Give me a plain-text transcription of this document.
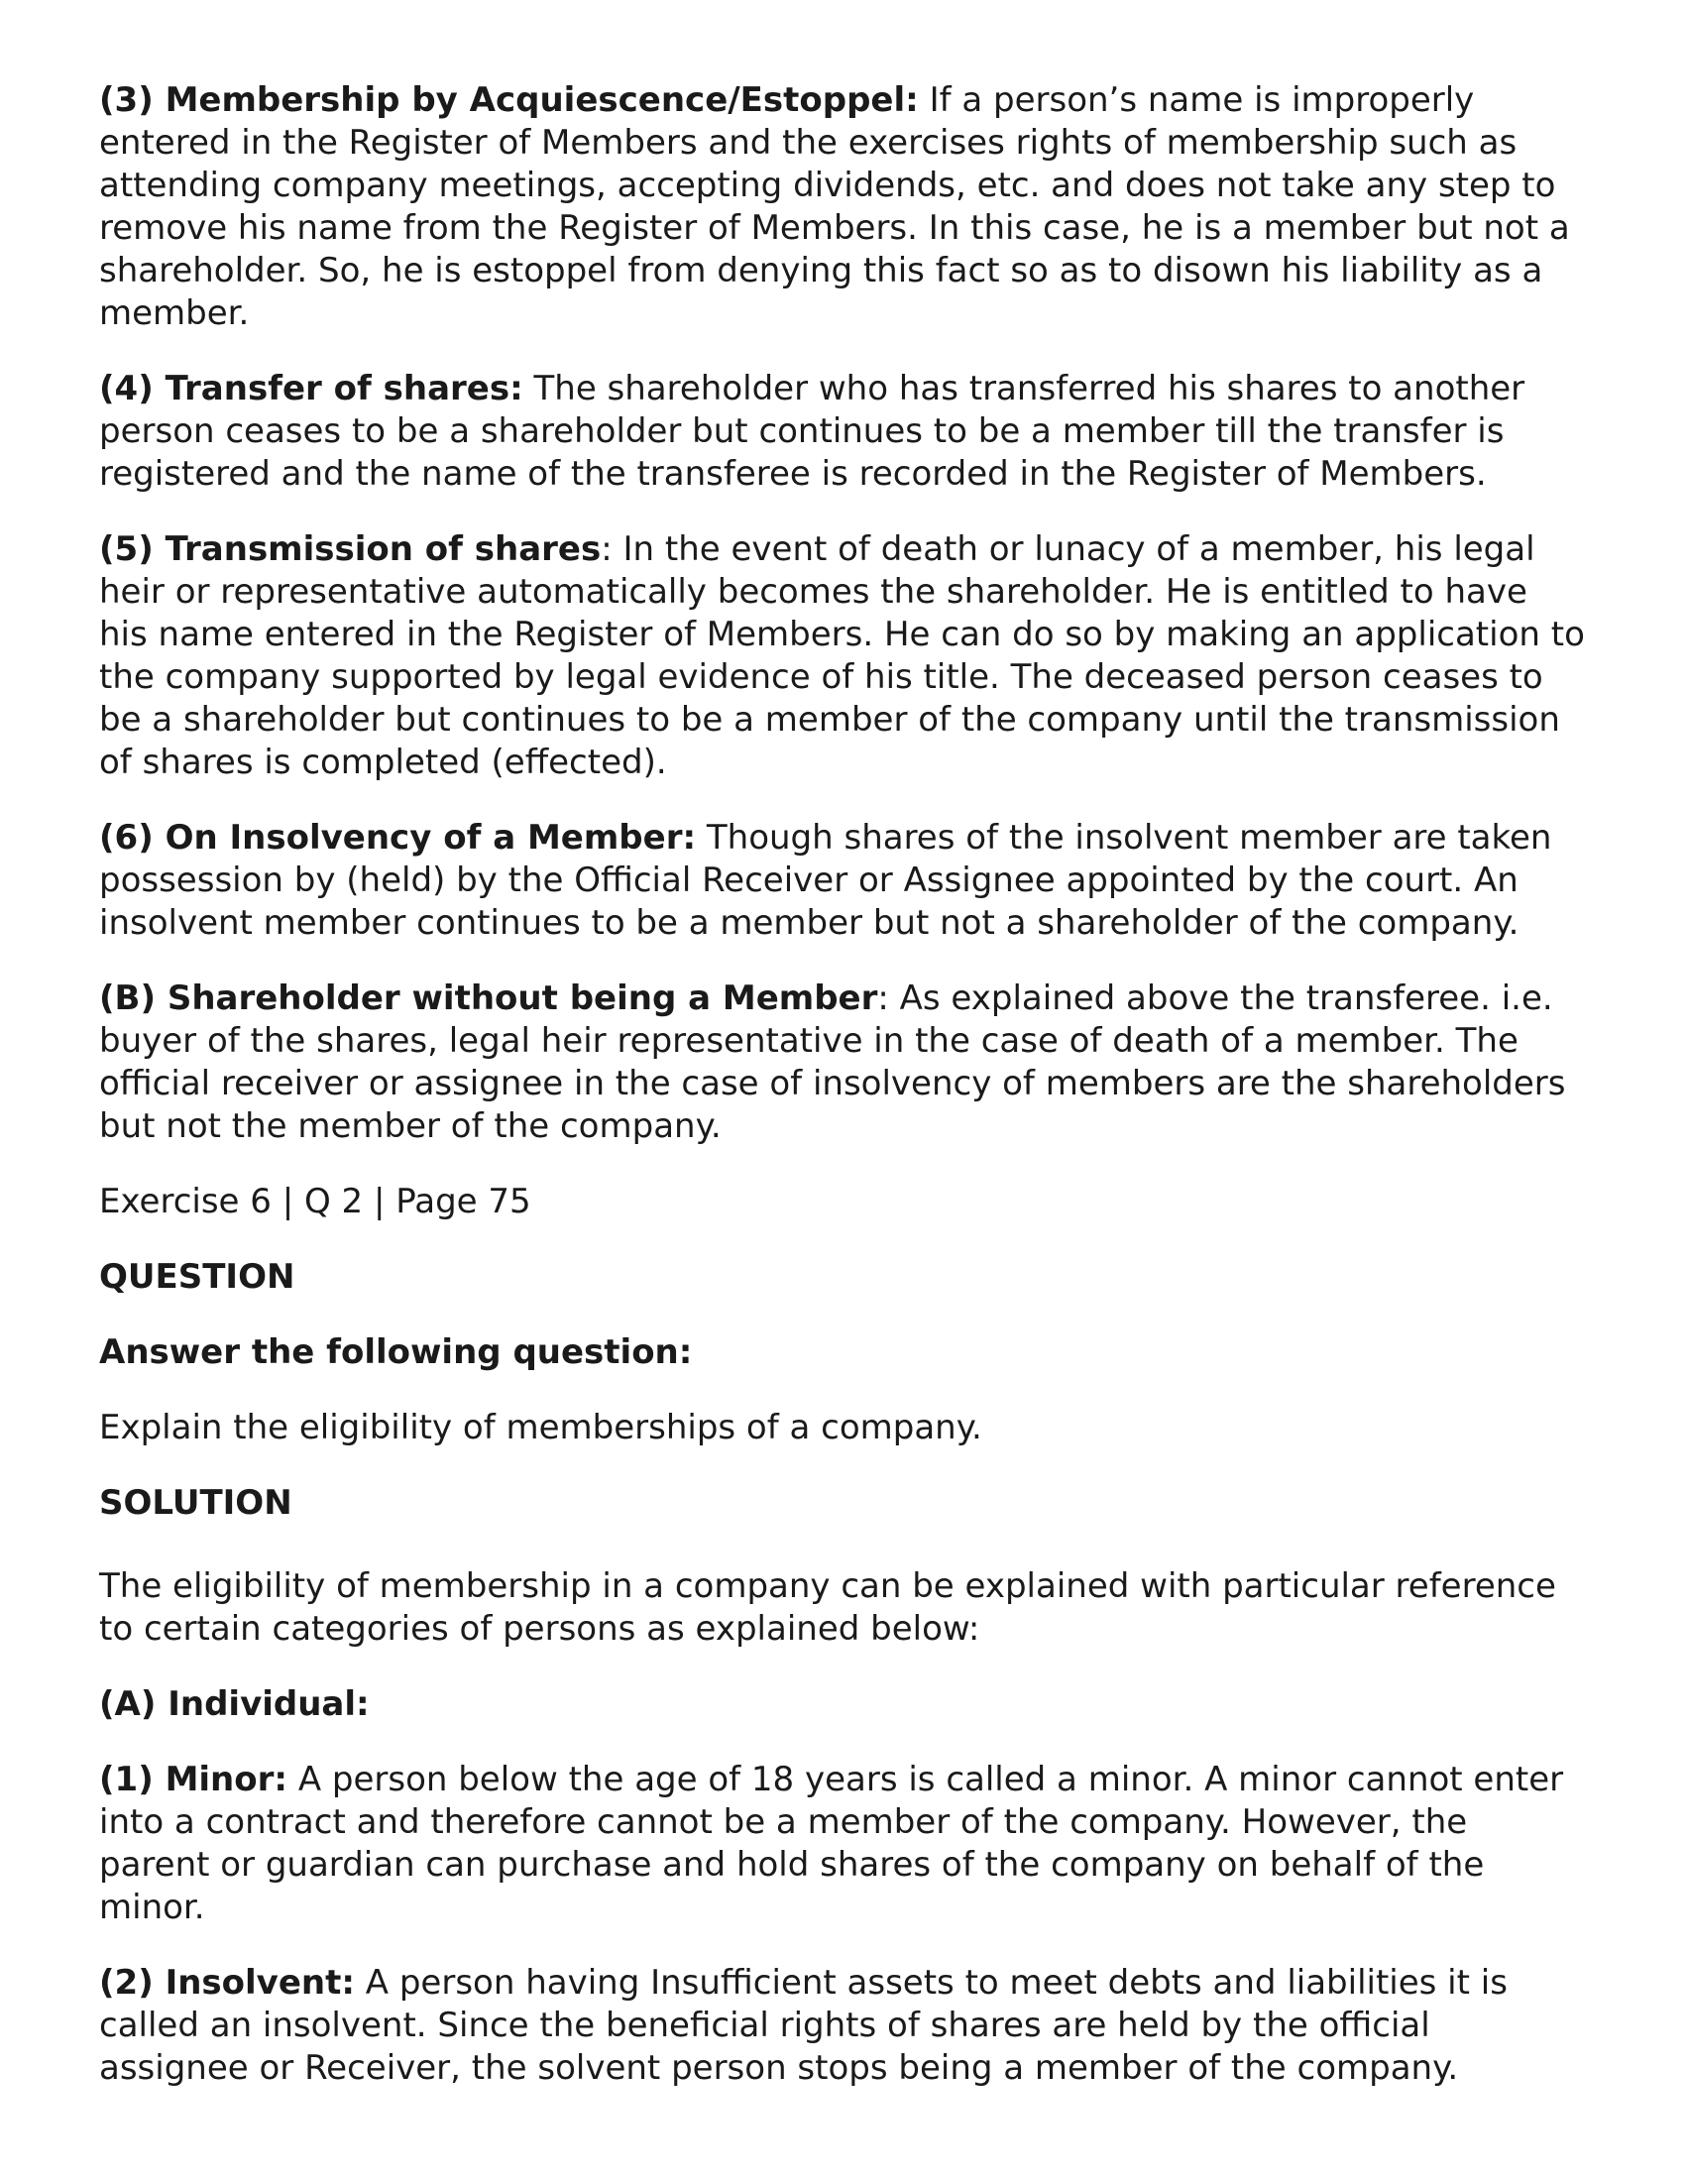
(3) Membership by Acquiescence/Estoppel: If a person’s name is improperly entered in the Register of Members and the exercises rights of membership such as attending company meetings, accepting dividends, etc. and does not take any step to remove his name from the Register of Members. In this case, he is a member but not a shareholder. So, he is estoppel from denying this fact so as to disown his liability as a member.

(4) Transfer of shares: The shareholder who has transferred his shares to another person ceases to be a shareholder but continues to be a member till the transfer is registered and the name of the transferee is recorded in the Register of Members.

(5) Transmission of shares: In the event of death or lunacy of a member, his legal heir or representative automatically becomes the shareholder. He is entitled to have his name entered in the Register of Members. He can do so by making an application to the company supported by legal evidence of his title. The deceased person ceases to be a shareholder but continues to be a member of the company until the transmission of shares is completed (effected).

(6) On Insolvency of a Member: Though shares of the insolvent member are taken possession by (held) by the Official Receiver or Assignee appointed by the court. An insolvent member continues to be a member but not a shareholder of the company.

(B) Shareholder without being a Member: As explained above the transferee. i.e. buyer of the shares, legal heir representative in the case of death of a member. The official receiver or assignee in the case of insolvency of members are the shareholders but not the member of the company.

Exercise 6 | Q 2 | Page 75

QUESTION

Answer the following question:

Explain the eligibility of memberships of a company.

SOLUTION

The eligibility of membership in a company can be explained with particular reference to certain categories of persons as explained below:

(A) Individual:

(1) Minor: A person below the age of 18 years is called a minor. A minor cannot enter into a contract and therefore cannot be a member of the company. However, the parent or guardian can purchase and hold shares of the company on behalf of the minor.

(2) Insolvent: A person having Insufficient assets to meet debts and liabilities it is called an insolvent. Since the beneficial rights of shares are held by the official assignee or Receiver, the solvent person stops being a member of the company.
